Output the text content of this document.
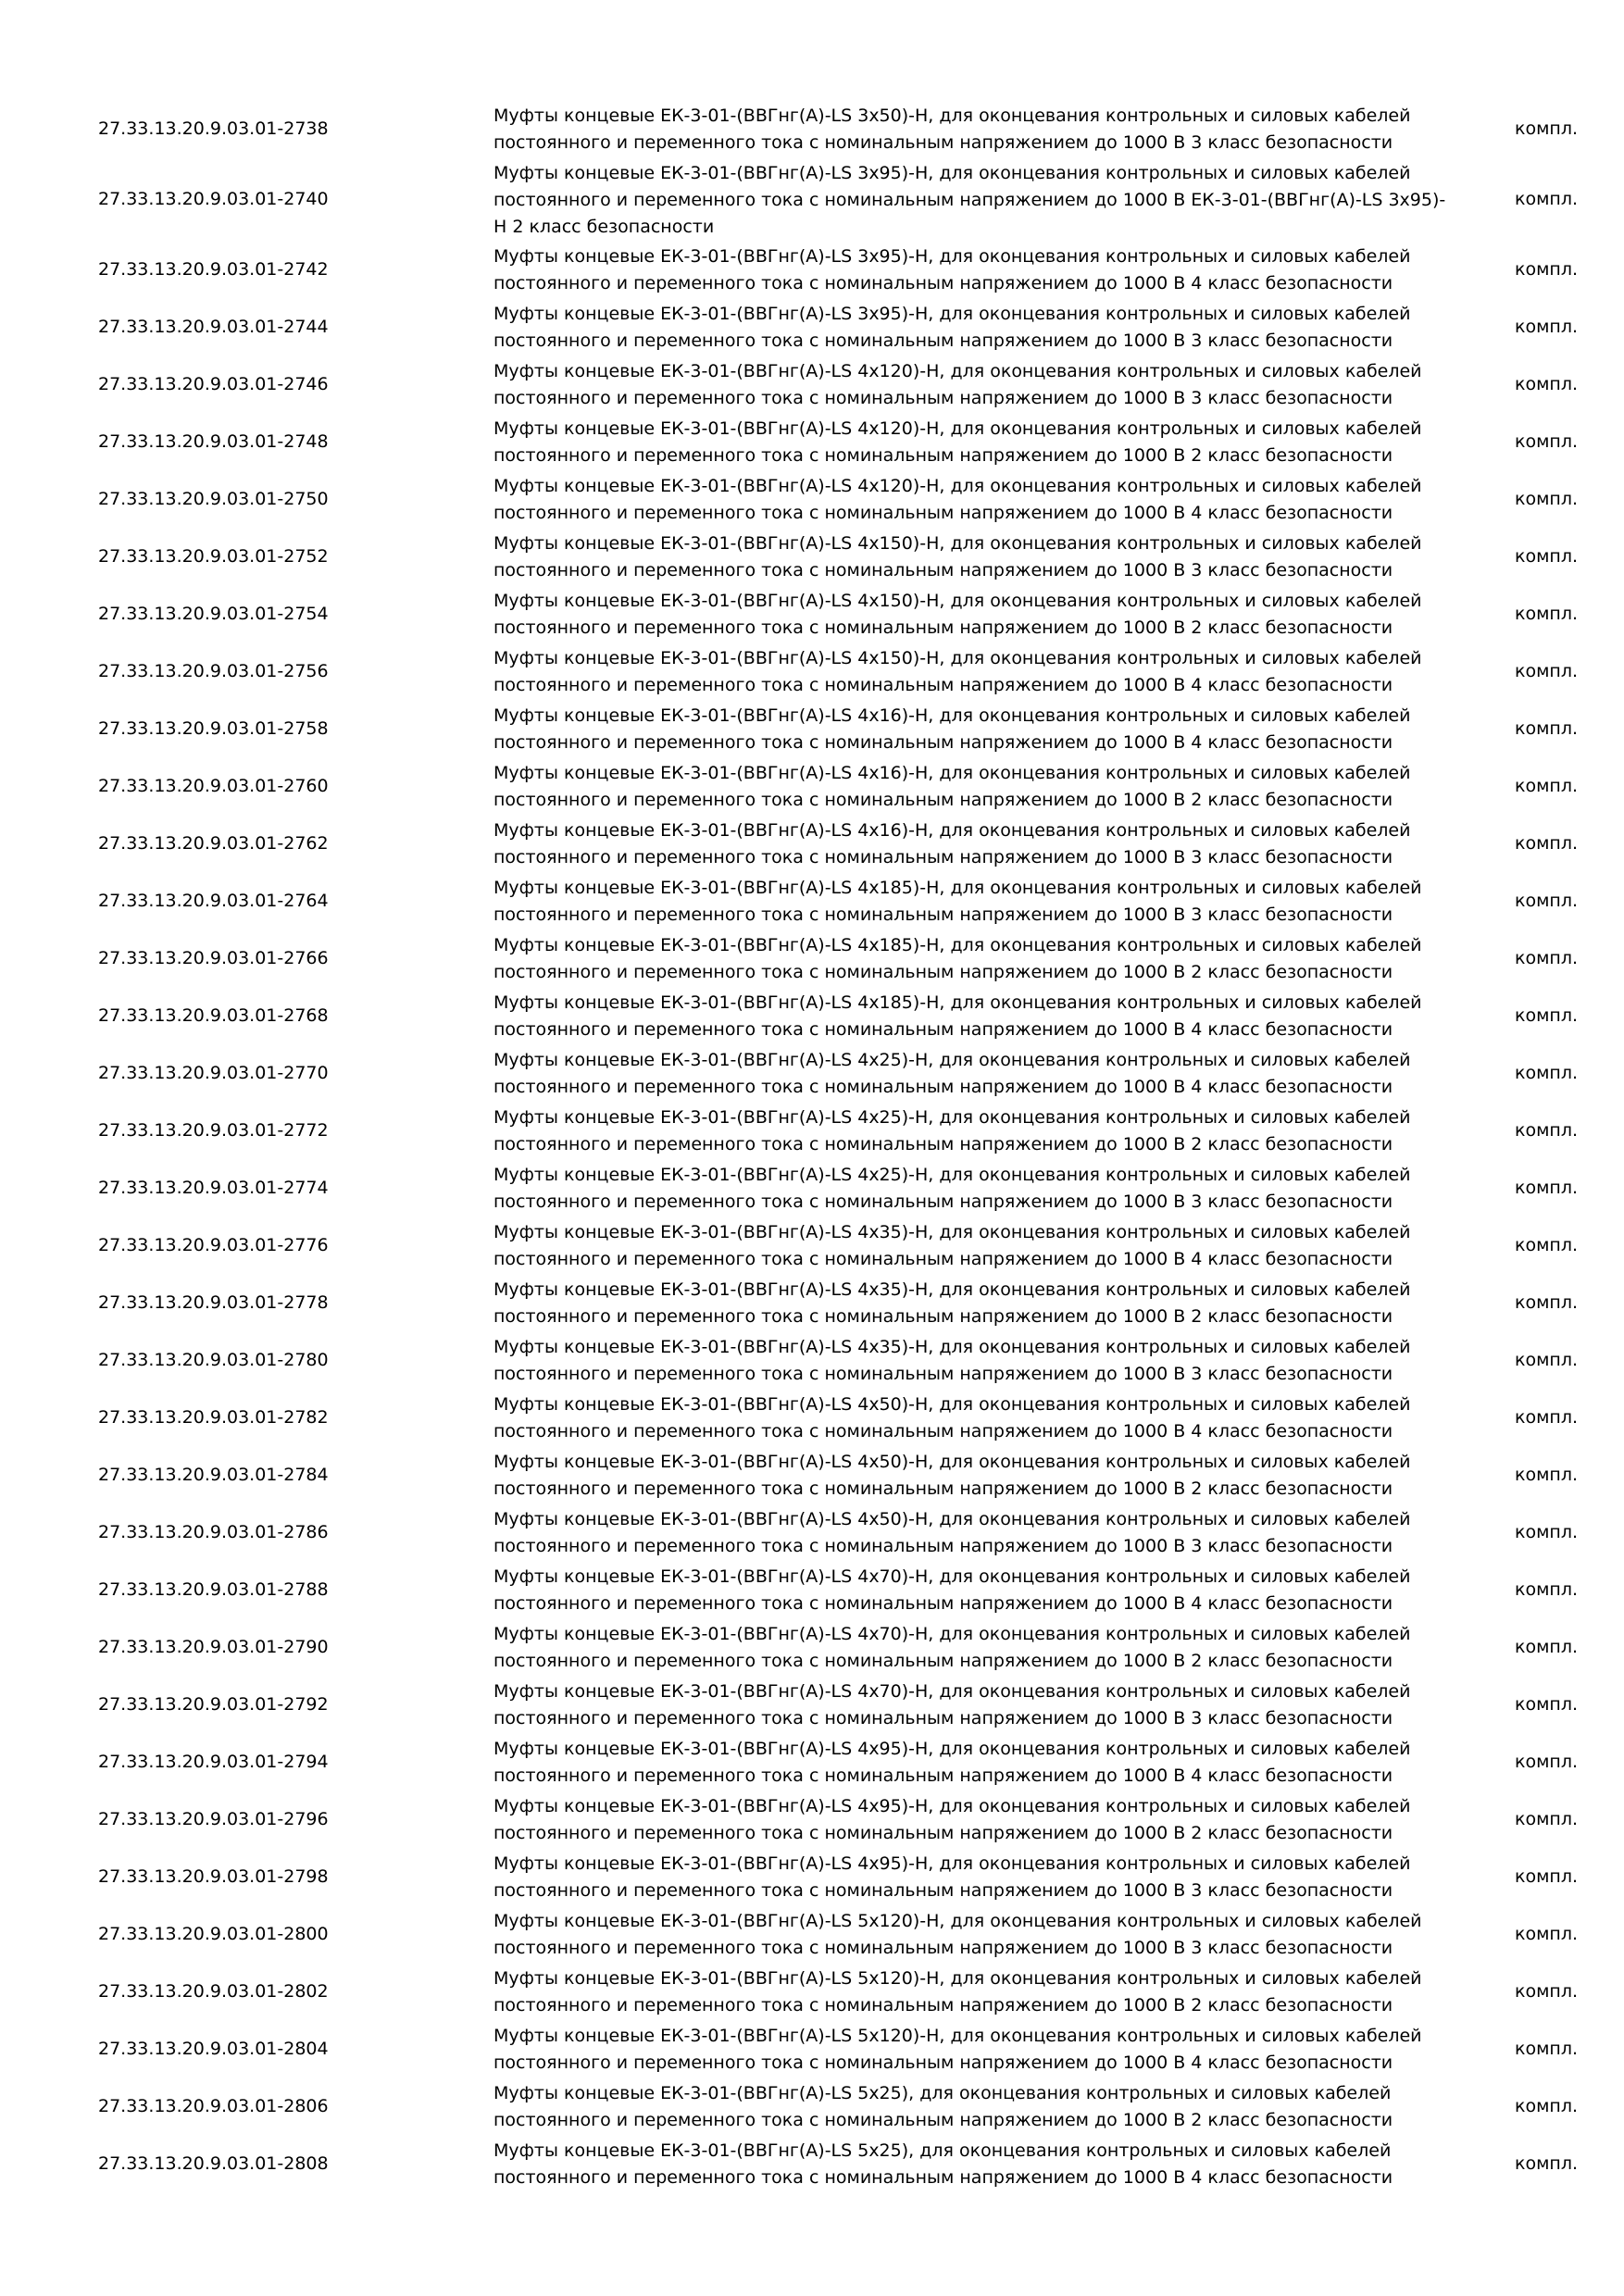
27.33.13.20.9.03.01-2738
Муфты концевые ЕК-3-01-(ВВГнг(А)-LS 3x50)-Н, для оконцевания контрольных и силовых кабелей постоянного и переменного тока с номинальным напряжением до 1000 В 3 класс безопасности
компл.
27.33.13.20.9.03.01-2740
Муфты концевые ЕК-3-01-(ВВГнг(А)-LS 3x95)-Н, для оконцевания контрольных и силовых кабелей постоянного и переменного тока с номинальным напряжением до 1000 В ЕК-3-01-(ВВГнг(А)-LS 3x95)-Н 2 класс безопасности
компл.
27.33.13.20.9.03.01-2742
Муфты концевые ЕК-3-01-(ВВГнг(А)-LS 3x95)-Н, для оконцевания контрольных и силовых кабелей постоянного и переменного тока с номинальным напряжением до 1000 В 4 класс безопасности
компл.
27.33.13.20.9.03.01-2744
Муфты концевые ЕК-3-01-(ВВГнг(А)-LS 3x95)-Н, для оконцевания контрольных и силовых кабелей постоянного и переменного тока с номинальным напряжением до 1000 В 3 класс безопасности
компл.
27.33.13.20.9.03.01-2746
Муфты концевые ЕК-3-01-(ВВГнг(А)-LS 4x120)-Н, для оконцевания контрольных и силовых кабелей постоянного и переменного тока с номинальным напряжением до 1000 В 3 класс безопасности
компл.
27.33.13.20.9.03.01-2748
Муфты концевые ЕК-3-01-(ВВГнг(А)-LS 4x120)-Н, для оконцевания контрольных и силовых кабелей постоянного и переменного тока с номинальным напряжением до 1000 В 2 класс безопасности
компл.
27.33.13.20.9.03.01-2750
Муфты концевые ЕК-3-01-(ВВГнг(А)-LS 4x120)-Н, для оконцевания контрольных и силовых кабелей постоянного и переменного тока с номинальным напряжением до 1000 В 4 класс безопасности
компл.
27.33.13.20.9.03.01-2752
Муфты концевые ЕК-3-01-(ВВГнг(А)-LS 4x150)-Н, для оконцевания контрольных и силовых кабелей постоянного и переменного тока с номинальным напряжением до 1000 В 3 класс безопасности
компл.
27.33.13.20.9.03.01-2754
Муфты концевые ЕК-3-01-(ВВГнг(А)-LS 4x150)-Н, для оконцевания контрольных и силовых кабелей постоянного и переменного тока с номинальным напряжением до 1000 В 2 класс безопасности
компл.
27.33.13.20.9.03.01-2756
Муфты концевые ЕК-3-01-(ВВГнг(А)-LS 4x150)-Н, для оконцевания контрольных и силовых кабелей постоянного и переменного тока с номинальным напряжением до 1000 В 4 класс безопасности
компл.
27.33.13.20.9.03.01-2758
Муфты концевые ЕК-3-01-(ВВГнг(А)-LS 4x16)-Н, для оконцевания контрольных и силовых кабелей постоянного и переменного тока с номинальным напряжением до 1000 В 4 класс безопасности
компл.
27.33.13.20.9.03.01-2760
Муфты концевые ЕК-3-01-(ВВГнг(А)-LS 4x16)-Н, для оконцевания контрольных и силовых кабелей постоянного и переменного тока с номинальным напряжением до 1000 В 2 класс безопасности
компл.
27.33.13.20.9.03.01-2762
Муфты концевые ЕК-3-01-(ВВГнг(А)-LS 4x16)-Н, для оконцевания контрольных и силовых кабелей постоянного и переменного тока с номинальным напряжением до 1000 В 3 класс безопасности
компл.
27.33.13.20.9.03.01-2764
Муфты концевые ЕК-3-01-(ВВГнг(А)-LS 4x185)-Н, для оконцевания контрольных и силовых кабелей постоянного и переменного тока с номинальным напряжением до 1000 В 3 класс безопасности
компл.
27.33.13.20.9.03.01-2766
Муфты концевые ЕК-3-01-(ВВГнг(А)-LS 4x185)-Н, для оконцевания контрольных и силовых кабелей постоянного и переменного тока с номинальным напряжением до 1000 В 2 класс безопасности
компл.
27.33.13.20.9.03.01-2768
Муфты концевые ЕК-3-01-(ВВГнг(А)-LS 4x185)-Н, для оконцевания контрольных и силовых кабелей постоянного и переменного тока с номинальным напряжением до 1000 В 4 класс безопасности
компл.
27.33.13.20.9.03.01-2770
Муфты концевые ЕК-3-01-(ВВГнг(А)-LS 4x25)-Н, для оконцевания контрольных и силовых кабелей постоянного и переменного тока с номинальным напряжением до 1000 В 4 класс безопасности
компл.
27.33.13.20.9.03.01-2772
Муфты концевые ЕК-3-01-(ВВГнг(А)-LS 4x25)-Н, для оконцевания контрольных и силовых кабелей постоянного и переменного тока с номинальным напряжением до 1000 В 2 класс безопасности
компл.
27.33.13.20.9.03.01-2774
Муфты концевые ЕК-3-01-(ВВГнг(А)-LS 4x25)-Н, для оконцевания контрольных и силовых кабелей постоянного и переменного тока с номинальным напряжением до 1000 В 3 класс безопасности
компл.
27.33.13.20.9.03.01-2776
Муфты концевые ЕК-3-01-(ВВГнг(А)-LS 4x35)-Н, для оконцевания контрольных и силовых кабелей постоянного и переменного тока с номинальным напряжением до 1000 В 4 класс безопасности
компл.
27.33.13.20.9.03.01-2778
Муфты концевые ЕК-3-01-(ВВГнг(А)-LS 4x35)-Н, для оконцевания контрольных и силовых кабелей постоянного и переменного тока с номинальным напряжением до 1000 В 2 класс безопасности
компл.
27.33.13.20.9.03.01-2780
Муфты концевые ЕК-3-01-(ВВГнг(А)-LS 4x35)-Н, для оконцевания контрольных и силовых кабелей постоянного и переменного тока с номинальным напряжением до 1000 В 3 класс безопасности
компл.
27.33.13.20.9.03.01-2782
Муфты концевые ЕК-3-01-(ВВГнг(А)-LS 4x50)-Н, для оконцевания контрольных и силовых кабелей постоянного и переменного тока с номинальным напряжением до 1000 В 4 класс безопасности
компл.
27.33.13.20.9.03.01-2784
Муфты концевые ЕК-3-01-(ВВГнг(А)-LS 4x50)-Н, для оконцевания контрольных и силовых кабелей постоянного и переменного тока с номинальным напряжением до 1000 В 2 класс безопасности
компл.
27.33.13.20.9.03.01-2786
Муфты концевые ЕК-3-01-(ВВГнг(А)-LS 4x50)-Н, для оконцевания контрольных и силовых кабелей постоянного и переменного тока с номинальным напряжением до 1000 В 3 класс безопасности
компл.
27.33.13.20.9.03.01-2788
Муфты концевые ЕК-3-01-(ВВГнг(А)-LS 4x70)-Н, для оконцевания контрольных и силовых кабелей постоянного и переменного тока с номинальным напряжением до 1000 В 4 класс безопасности
компл.
27.33.13.20.9.03.01-2790
Муфты концевые ЕК-3-01-(ВВГнг(А)-LS 4x70)-Н, для оконцевания контрольных и силовых кабелей постоянного и переменного тока с номинальным напряжением до 1000 В 2 класс безопасности
компл.
27.33.13.20.9.03.01-2792
Муфты концевые ЕК-3-01-(ВВГнг(А)-LS 4x70)-Н, для оконцевания контрольных и силовых кабелей постоянного и переменного тока с номинальным напряжением до 1000 В 3 класс безопасности
компл.
27.33.13.20.9.03.01-2794
Муфты концевые ЕК-3-01-(ВВГнг(А)-LS 4x95)-Н, для оконцевания контрольных и силовых кабелей постоянного и переменного тока с номинальным напряжением до 1000 В 4 класс безопасности
компл.
27.33.13.20.9.03.01-2796
Муфты концевые ЕК-3-01-(ВВГнг(А)-LS 4x95)-Н, для оконцевания контрольных и силовых кабелей постоянного и переменного тока с номинальным напряжением до 1000 В 2 класс безопасности
компл.
27.33.13.20.9.03.01-2798
Муфты концевые ЕК-3-01-(ВВГнг(А)-LS 4x95)-Н, для оконцевания контрольных и силовых кабелей постоянного и переменного тока с номинальным напряжением до 1000 В 3 класс безопасности
компл.
27.33.13.20.9.03.01-2800
Муфты концевые ЕК-3-01-(ВВГнг(А)-LS 5x120)-Н, для оконцевания контрольных и силовых кабелей постоянного и переменного тока с номинальным напряжением до 1000 В 3 класс безопасности
компл.
27.33.13.20.9.03.01-2802
Муфты концевые ЕК-3-01-(ВВГнг(А)-LS 5x120)-Н, для оконцевания контрольных и силовых кабелей постоянного и переменного тока с номинальным напряжением до 1000 В 2 класс безопасности
компл.
27.33.13.20.9.03.01-2804
Муфты концевые ЕК-3-01-(ВВГнг(А)-LS 5x120)-Н, для оконцевания контрольных и силовых кабелей постоянного и переменного тока с номинальным напряжением до 1000 В 4 класс безопасности
компл.
27.33.13.20.9.03.01-2806
Муфты концевые ЕК-3-01-(ВВГнг(А)-LS 5x25), для оконцевания контрольных и силовых кабелей постоянного и переменного тока с номинальным напряжением до 1000 В 2 класс безопасности
компл.
27.33.13.20.9.03.01-2808
Муфты концевые ЕК-3-01-(ВВГнг(А)-LS 5x25), для оконцевания контрольных и силовых кабелей постоянного и переменного тока с номинальным напряжением до 1000 В 4 класс безопасности
компл.
